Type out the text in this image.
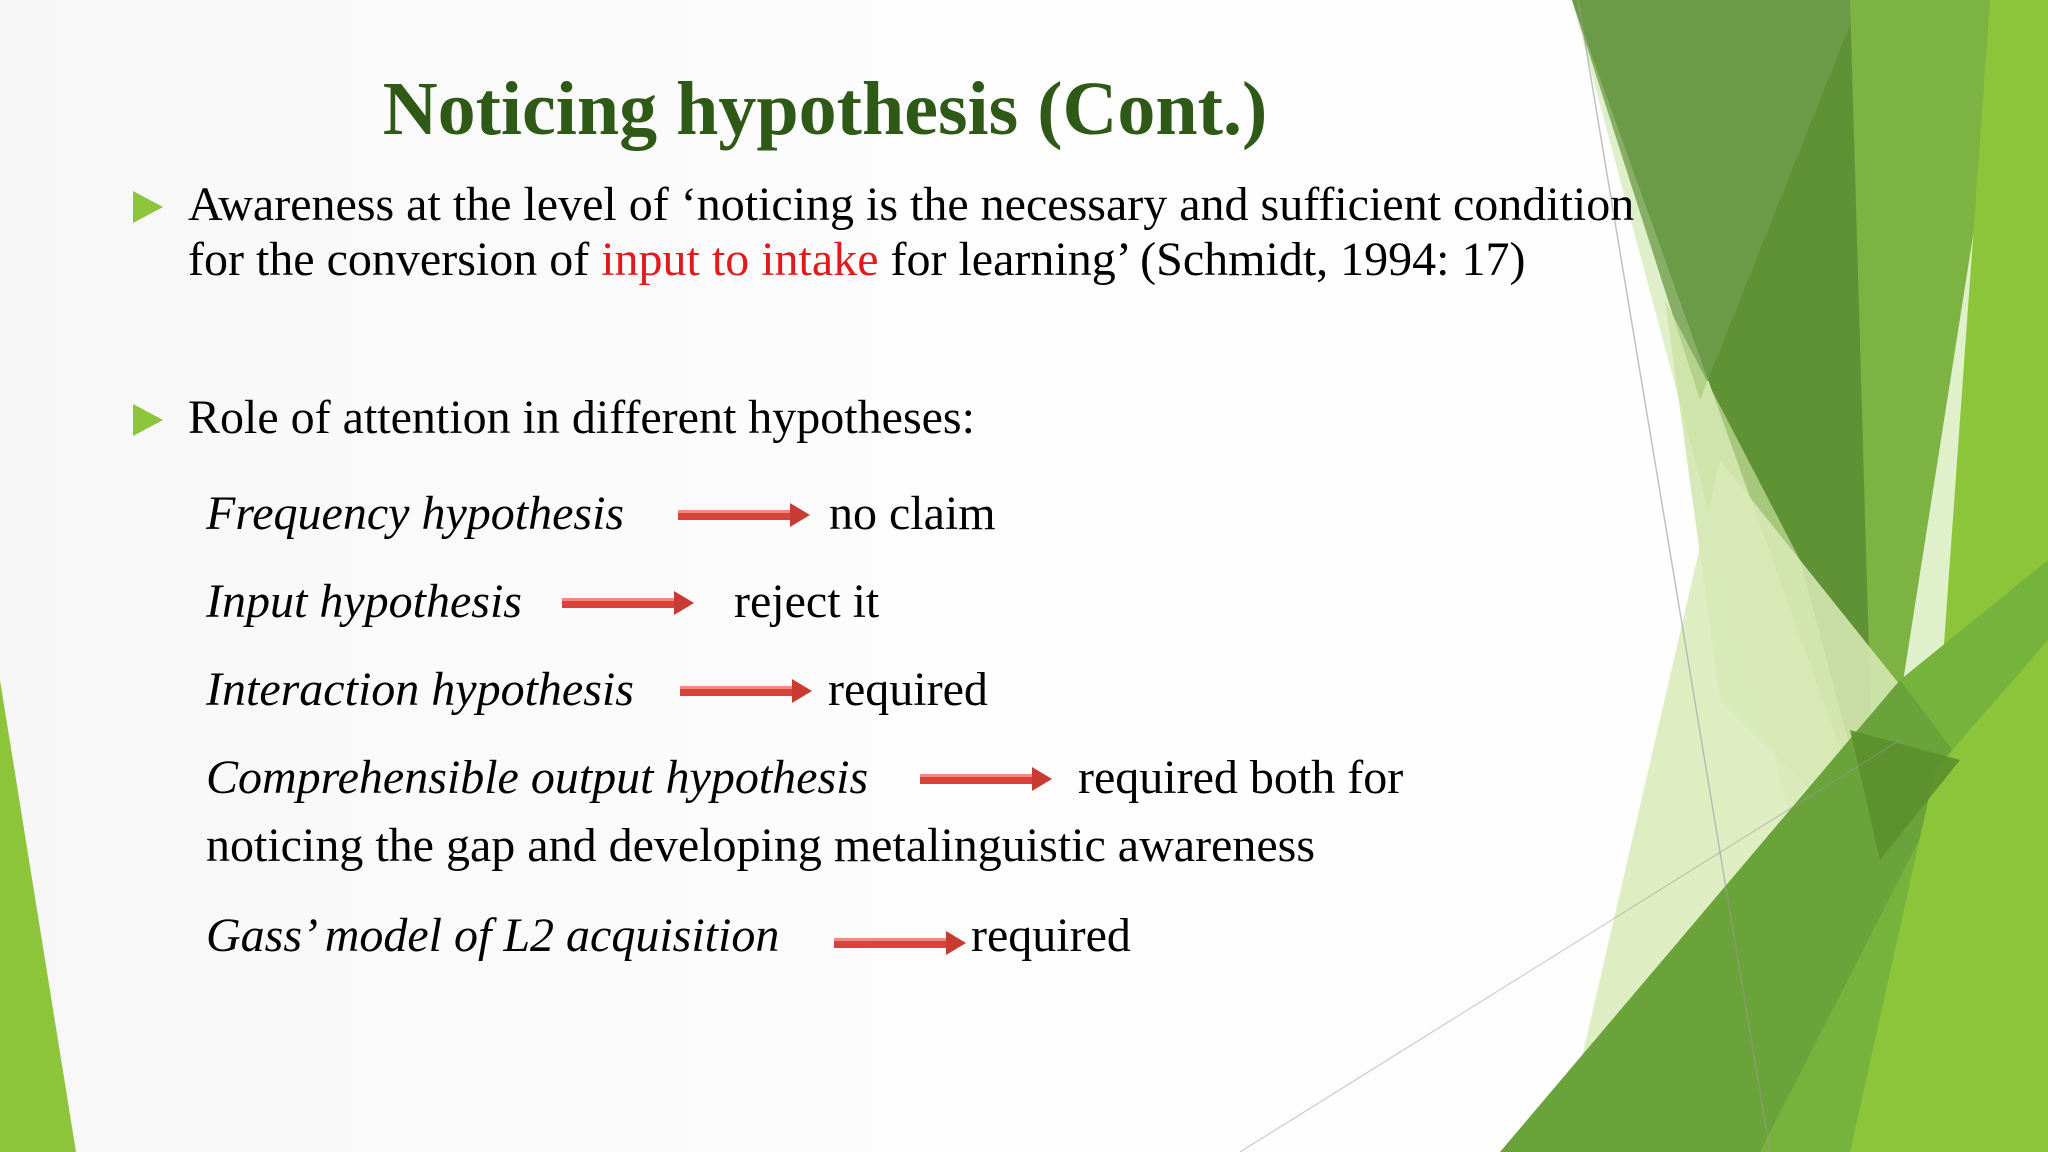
Noticing hypothesis (Cont.)
Awareness at the level of ‘noticing is the necessary and sufficient condition for the conversion of input to intake for learning’ (Schmidt, 1994: 17)
Role of attention in different hypotheses:
Frequency hypothesis	no claim
Input hypothesis	reject it
Interaction hypothesis	required
Comprehensible output hypothesis	required both for
noticing the gap and developing metalinguistic awareness
Gass’ model of L2 acquisition	required
